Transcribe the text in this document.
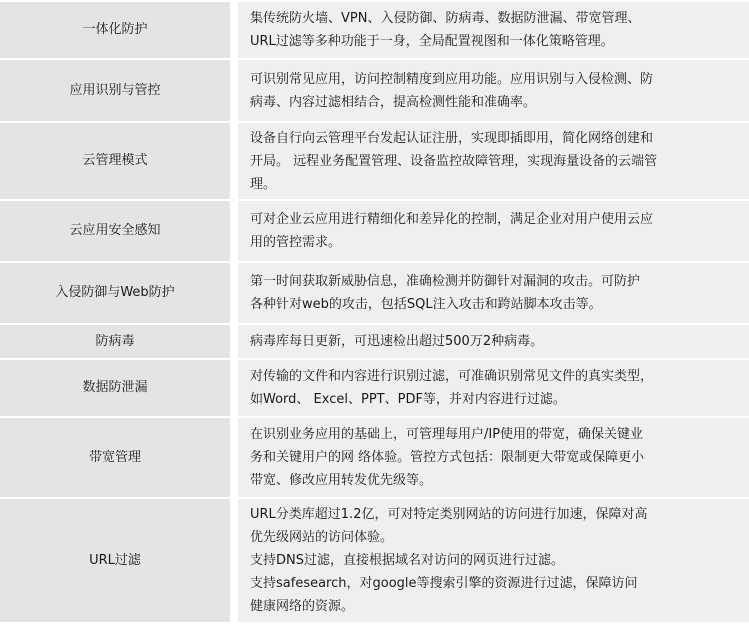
一体化防护		集传统防火墙、VPN、入侵防御、防病毒、数据防泄漏、带宽管理、
URL过滤等多种功能于一身，全局配置视图和一体化策略管理。

应用识别与管控		可识别常见应用，访问控制精度到应用功能。应用识别与入侵检测、防
病毒、内容过滤相结合，提高检测性能和准确率。

云管理模式		设备自行向云管理平台发起认证注册，实现即插即用，简化网络创建和
开局。 远程业务配置管理、设备监控故障管理，实现海量设备的云端管
理。

云应用安全感知		可对企业云应用进行精细化和差异化的控制，满足企业对用户使用云应
用的管控需求。

入侵防御与Web防护		第一时间获取新威胁信息，准确检测并防御针对漏洞的攻击。可防护
各种针对web的攻击，包括SQL注入攻击和跨站脚本攻击等。

防病毒		病毒库每日更新，可迅速检出超过500万2种病毒。

数据防泄漏		对传输的文件和内容进行识别过滤，可准确识别常见文件的真实类型，
如Word、 Excel、PPT、PDF等，并对内容进行过滤。

带宽管理		在识别业务应用的基础上，可管理每用户/IP使用的带宽，确保关键业
务和关键用户的网 络体验。管控方式包括：限制更大带宽或保障更小
带宽、修改应用转发优先级等。

URL过滤		URL分类库超过1.2亿，可对特定类别网站的访问进行加速，保障对高
优先级网站的访问体验。
支持DNS过滤，直接根据域名对访问的网页进行过滤。
支持safesearch，对google等搜索引擎的资源进行过滤，保障访问
健康网络的资源。
